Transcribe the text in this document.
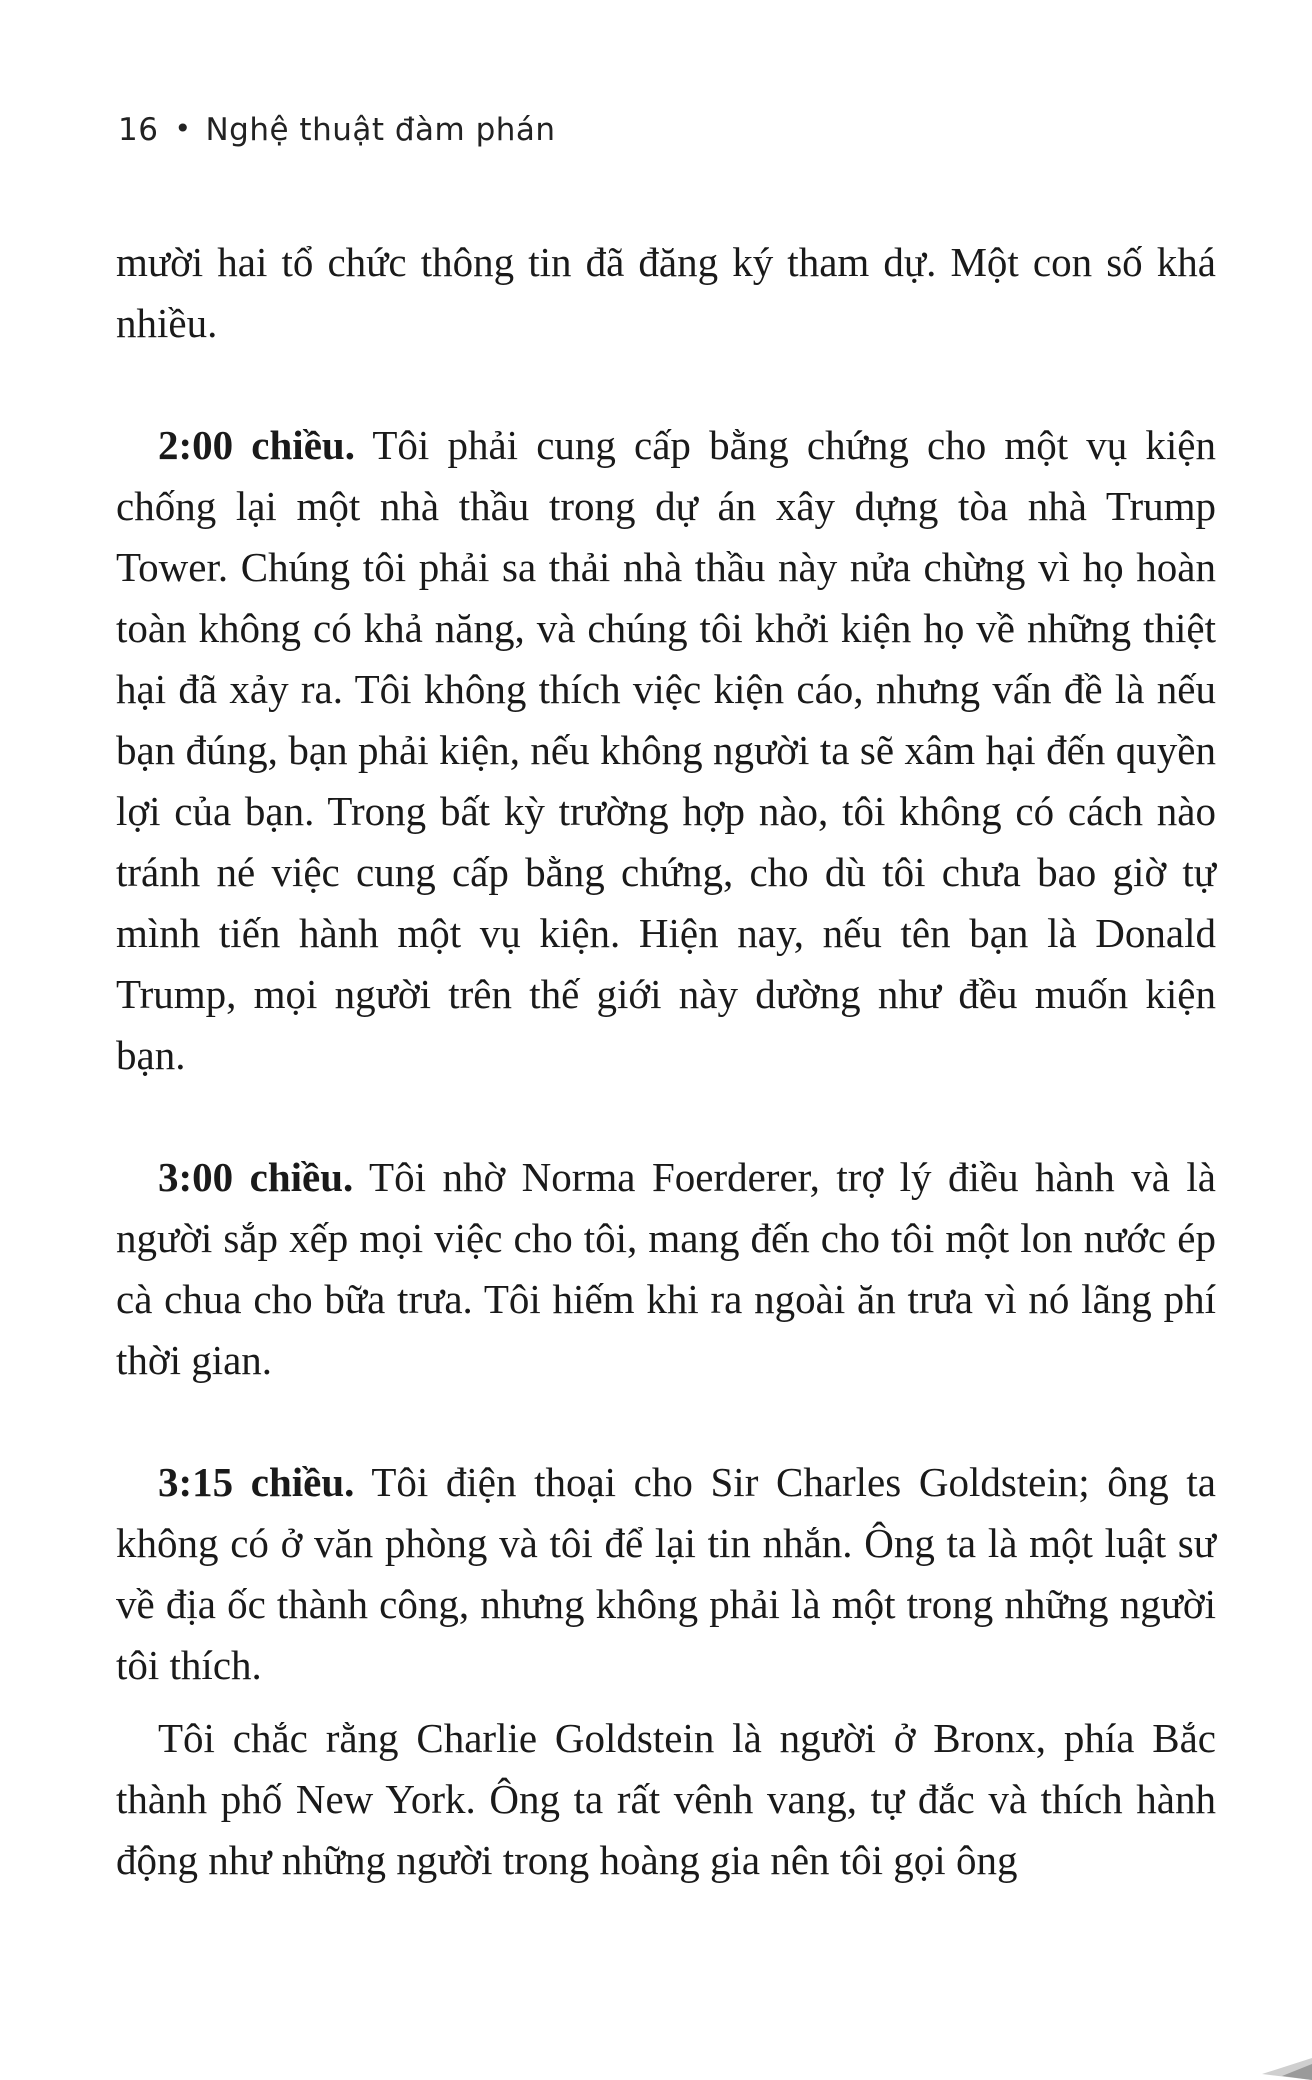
16 • Nghệ thuật đàm phán

mười hai tổ chức thông tin đã đăng ký tham dự. Một con số khá nhiều.

2:00 chiều. Tôi phải cung cấp bằng chứng cho một vụ kiện chống lại một nhà thầu trong dự án xây dựng tòa nhà Trump Tower. Chúng tôi phải sa thải nhà thầu này nửa chừng vì họ hoàn toàn không có khả năng, và chúng tôi khởi kiện họ về những thiệt hại đã xảy ra. Tôi không thích việc kiện cáo, nhưng vấn đề là nếu bạn đúng, bạn phải kiện, nếu không người ta sẽ xâm hại đến quyền lợi của bạn. Trong bất kỳ trường hợp nào, tôi không có cách nào tránh né việc cung cấp bằng chứng, cho dù tôi chưa bao giờ tự mình tiến hành một vụ kiện. Hiện nay, nếu tên bạn là Donald Trump, mọi người trên thế giới này dường như đều muốn kiện bạn.

3:00 chiều. Tôi nhờ Norma Foerderer, trợ lý điều hành và là người sắp xếp mọi việc cho tôi, mang đến cho tôi một lon nước ép cà chua cho bữa trưa. Tôi hiếm khi ra ngoài ăn trưa vì nó lãng phí thời gian.

3:15 chiều. Tôi điện thoại cho Sir Charles Goldstein; ông ta không có ở văn phòng và tôi để lại tin nhắn. Ông ta là một luật sư về địa ốc thành công, nhưng không phải là một trong những người tôi thích.

Tôi chắc rằng Charlie Goldstein là người ở Bronx, phía Bắc thành phố New York. Ông ta rất vênh vang, tự đắc và thích hành động như những người trong hoàng gia nên tôi gọi ông
